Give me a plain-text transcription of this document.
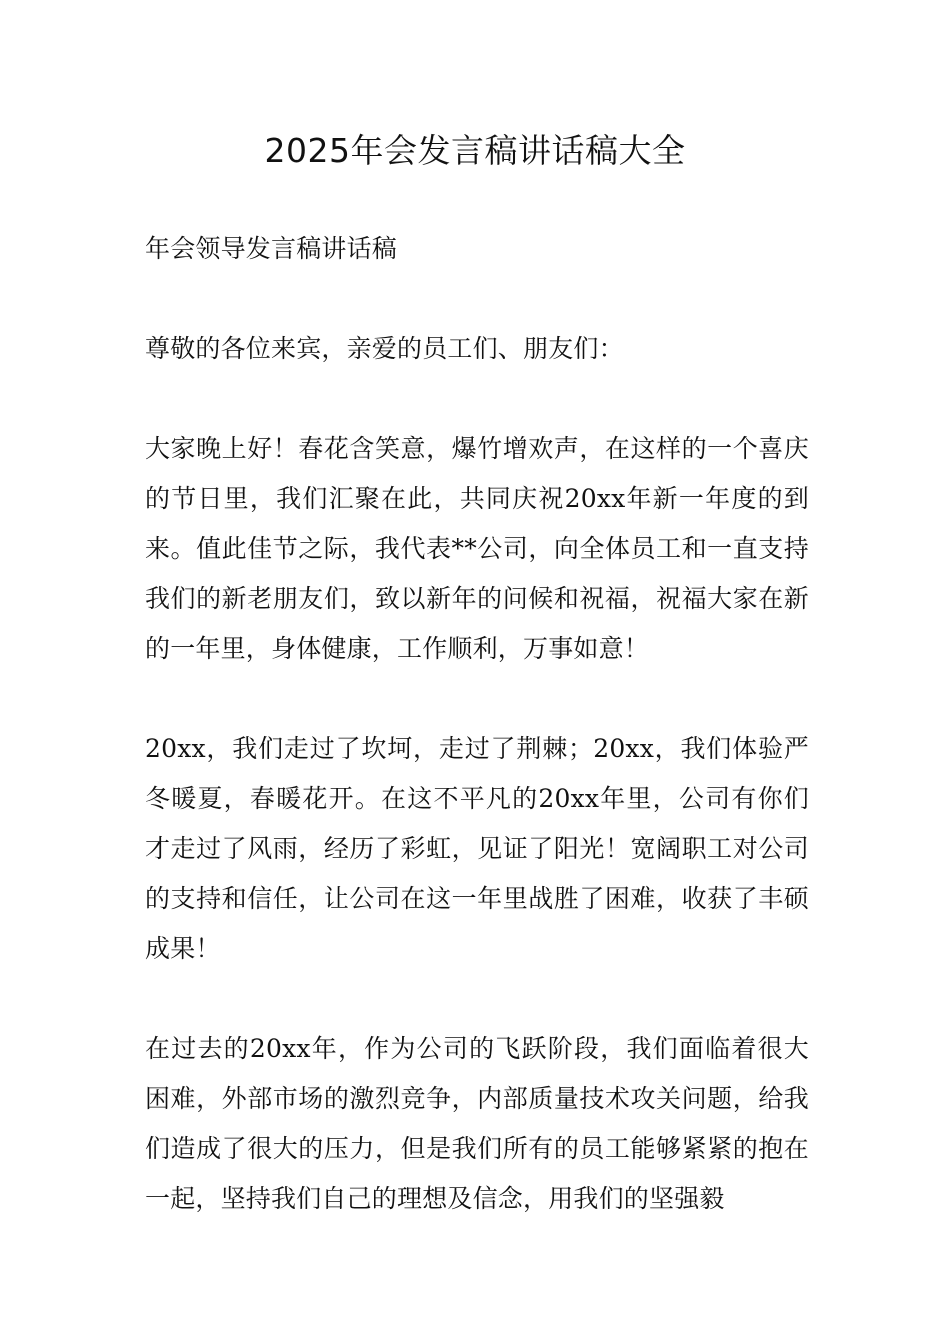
2025年会发言稿讲话稿大全

年会领导发言稿讲话稿

尊敬的各位来宾，亲爱的员工们、朋友们：

大家晚上好！春花含笑意，爆竹增欢声，在这样的一个喜庆的节日里，我们汇聚在此，共同庆祝20xx年新一年度的到来。值此佳节之际，我代表**公司，向全体员工和一直支持我们的新老朋友们，致以新年的问候和祝福，祝福大家在新的一年里，身体健康，工作顺利，万事如意！

20xx，我们走过了坎坷，走过了荆棘；20xx，我们体验严冬暖夏，春暖花开。在这不平凡的20xx年里，公司有你们才走过了风雨，经历了彩虹，见证了阳光！宽阔职工对公司的支持和信任，让公司在这一年里战胜了困难，收获了丰硕成果！

在过去的20xx年，作为公司的飞跃阶段，我们面临着很大困难，外部市场的激烈竞争，内部质量技术攻关问题，给我们造成了很大的压力，但是我们所有的员工能够紧紧的抱在一起，坚持我们自己的理想及信念，用我们的坚强毅
